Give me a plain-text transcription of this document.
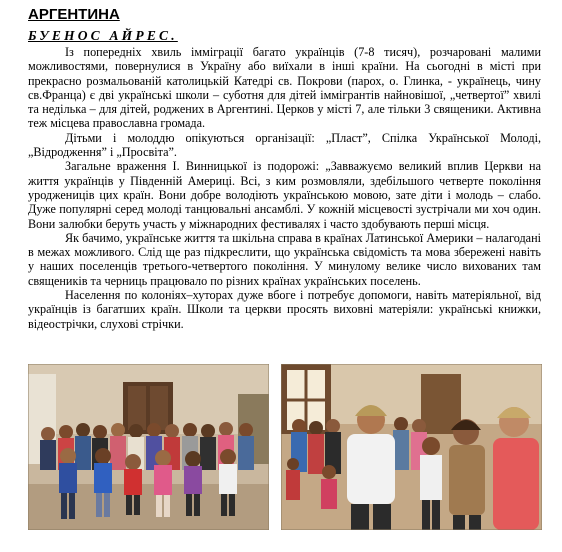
АРГЕНТИНА
БУЕНОС АЙРЕС.

Із попередніх хвиль імміграції багато українців (7-8 тисяч), розчаровані малими можливостями, повернулися в Україну або виїхали в інші країни. На сьогодні в місті при прекрасно розмальованій католицькій Катедрі св. Покрови (парох, о. Глинка, - українець, чину св.Франца) є дві українські школи – суботня для дітей іммігрантів найновішої, „четвертої” хвилі та неділька – для дітей, роджених в Аргентині. Церков у місті 7, але тільки 3 священики. Активна теж місцева православна громада.

Дітьми і молоддю опікуються організації: „Пласт”, Спілка Української Молоді, „Відродження” і „Просвіта”.

Загальне враження І. Винницької із подорожі: „Завважуємо великий вплив Церкви на життя українців у Південній Америці. Всі, з ким розмовляли, здебільшого четверте покоління уроджениців цих країн. Вони добре володіють українською мовою, зате діти і молодь – слабо. Дуже популярні серед молоді танцювальні ансамблі. У кожній місцевості зустрічали ми хоч один. Вони залюбки беруть участь у міжнародних фестивалях і часто здобувають перші місця.

Як бачимо, українське життя та шкільна справа в країнах Латинської Америки – налагодані в межах можливого. Слід ще раз підкреслити, що українська свідомість та мова збережені навіть у наших поселенців третього-четвертого покоління. У минулому велике число вихованих там священиків та черниць працювало по різних країнах українських поселень.

Населення по колоніях–хуторах дуже вбоге і потребує допомоги, навіть матеріяльної, від українців із багатших країн. Школи та церкви просять виховні матеріяли: українські книжки, відеострічки, слухові стрічки.
